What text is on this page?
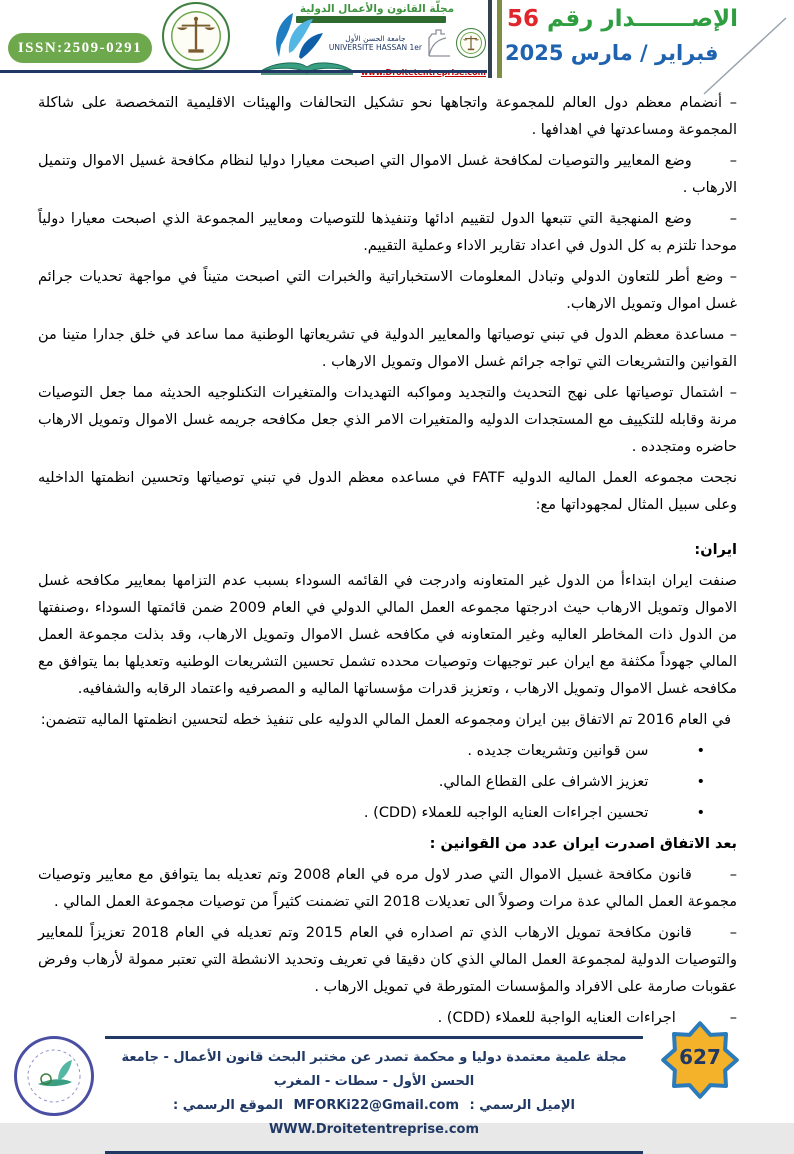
ISSN:2509-0291
مجلّة القانون والأعمال الدولية
جامعة الحسن الأول
UNIVERSITE HASSAN 1er
الإصـــــــدار رقم 56
فبراير / مارس 2025

– أنضمام معظم دول العالم للمجموعة واتجاهها نحو تشكيل التحالفات والهيئات الاقليمية التمخصصة على شاكلة المجموعة ومساعدتها في اهدافها .

– وضع المعايير والتوصيات لمكافحة غسل الاموال التي اصبحت معيارا دوليا لنظام مكافحة غسيل الاموال وتنميل الارهاب .

– وضع المنهجية التي تتبعها الدول لتقييم ادائها وتنفيذها للتوصيات ومعايير المجموعة الذي اصبحت معيارا دولياً موحدا تلتزم به كل الدول في اعداد تقارير الاداء وعملية التقييم.

– وضع أطر للتعاون الدولي وتبادل المعلومات الاستخباراتية والخبرات التي اصبحت متيناً في مواجهة تحديات جرائم غسل اموال وتمويل الارهاب.

– مساعدة معظم الدول في تبني توصياتها والمعايير الدولية في تشريعاتها الوطنية مما ساعد في خلق جدارا متينا من القوانين والتشريعات التي تواجه جرائم غسل الاموال وتمويل الارهاب .

– اشتمال توصياتها على نهج التحديث والتجديد ومواكبه التهديدات والمتغيرات التكنلوجيه الحديثه مما جعل التوصيات مرنة وقابله للتكييف مع المستجدات الدوليه والمتغيرات الامر الذي جعل مكافحه جريمه غسل الاموال وتمويل الارهاب حاضره ومتجدده .

نجحت مجموعه العمل الماليه الدوليه FATF في مساعده معظم الدول في تبني توصياتها وتحسين انظمتها الداخليه وعلى سبيل المثال لمجهوداتها مع:

ايران:

صنفت ايران ابتداءأ من الدول غير المتعاونه وادرجت في القائمه السوداء بسبب عدم التزامها بمعايير مكافحه غسل الاموال وتمويل الارهاب حيث ادرجتها مجموعه العمل المالي الدولي في العام 2009 ضمن قائمتها السوداء ،وصنفتها من الدول ذات المخاطر العاليه وغير المتعاونه في مكافحه غسل الاموال وتمويل الارهاب، وقد بذلت مجموعة العمل المالي جهوداً مكثفة مع ايران عبر توجيهات وتوصيات محدده تشمل تحسين التشريعات الوطنيه وتعديلها بما يتوافق مع مكافحه غسل الاموال وتمويل الارهاب ، وتعزيز قدرات مؤسساتها الماليه و المصرفيه واعتماد الرقابه والشفافيه.

في العام 2016 تم الاتفاق بين ايران ومجموعه العمل المالي الدوليه على تنفيذ خطه لتحسين انظمتها الماليه تتضمن:

• سن قوانين وتشريعات جديده .

• تعزيز الاشراف على القطاع المالي.

• تحسين اجراءات العنايه الواجبه للعملاء (CDD) .

بعد الاتفاق اصدرت ايران عدد من القوانين :

– قانون مكافحة غسيل الاموال التي صدر لاول مره في العام 2008 وتم تعديله بما يتوافق مع معايير وتوصيات مجموعة العمل المالي عدة مرات وصولاً الى تعديلات 2018 التي تضمنت كثيراً من توصيات مجموعة العمل المالي .

– قانون مكافحة تمويل الارهاب الذي تم اصداره في العام 2015 وتم تعديله في العام 2018 تعزيزاً للمعايير والتوصيات الدولية لمجموعة العمل المالي الذي كان دقيقا في تعريف وتحديد الانشطة التي تعتبر ممولة لأرهاب وفرض عقوبات صارمة على الافراد والمؤسسات المتورطة في تمويل الارهاب .

– اجراءات العنايه الواجبة للعملاء (CDD) .

مجلة علمية معتمدة دوليا و محكمة تصدر عن مختبر البحث قانون الأعمال - جامعة الحسن الأول - سطات - المغرب
الإميل الرسمي : MFORKi22@Gmail.com الموقع الرسمي : WWW.Droitetentreprise.com
627
